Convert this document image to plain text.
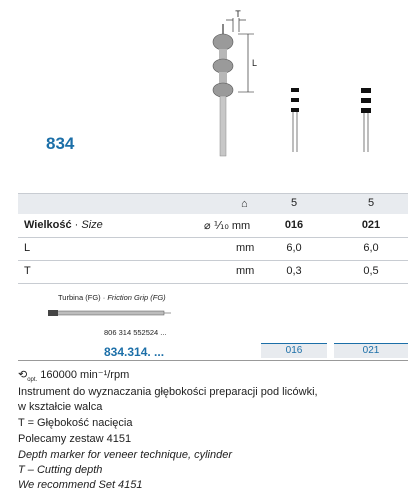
T
L
834
⌂	5	5
Wielkość · Size	⌀ ⅒ mm	016	021
L	mm	6,0	6,0
T	mm	0,3	0,5
Turbina (FG) · Friction Grip (FG)
806 314 552524 ...
834.314. ...	016	021
$⟲_{opt.}$ 160000 min⁻¹/rpm
Instrument do wyznaczania głębokości preparacji pod licówki,
w kształcie walca
T = Głębokość nacięcia
Polecamy zestaw 4151
Depth marker for veneer technique, cylinder
T – Cutting depth
We recommend Set 4151
